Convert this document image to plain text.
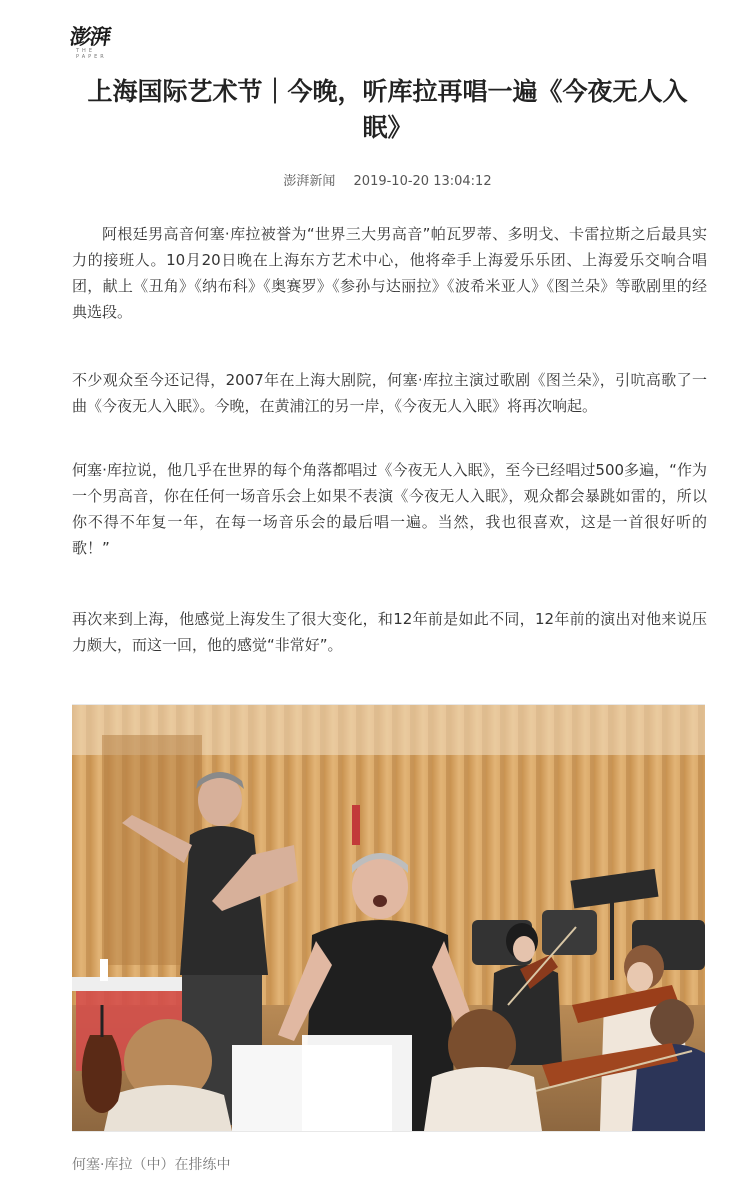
澎湃
THE PAPER
上海国际艺术节｜今晚，听库拉再唱一遍《今夜无人入眠》
澎湃新闻 2019-10-20 13:04:12

阿根廷男高音何塞·库拉被誉为“世界三大男高音”帕瓦罗蒂、多明戈、卡雷拉斯之后最具实力的接班人。10月20日晚在上海东方艺术中心，他将牵手上海爱乐乐团、上海爱乐交响合唱团，献上《丑角》《纳布科》《奥赛罗》《参孙与达丽拉》《波希米亚人》《图兰朵》等歌剧里的经典选段。

不少观众至今还记得，2007年在上海大剧院，何塞·库拉主演过歌剧《图兰朵》，引吭高歌了一曲《今夜无人入眠》。今晚，在黄浦江的另一岸，《今夜无人入眠》将再次响起。

何塞·库拉说，他几乎在世界的每个角落都唱过《今夜无人入眠》，至今已经唱过500多遍，“作为一个男高音，你在任何一场音乐会上如果不表演《今夜无人入眠》，观众都会暴跳如雷的，所以你不得不年复一年，在每一场音乐会的最后唱一遍。当然，我也很喜欢，这是一首很好听的歌！”

再次来到上海，他感觉上海发生了很大变化，和12年前是如此不同，12年前的演出对他来说压力颇大，而这一回，他的感觉“非常好”。

何塞·库拉（中）在排练中
